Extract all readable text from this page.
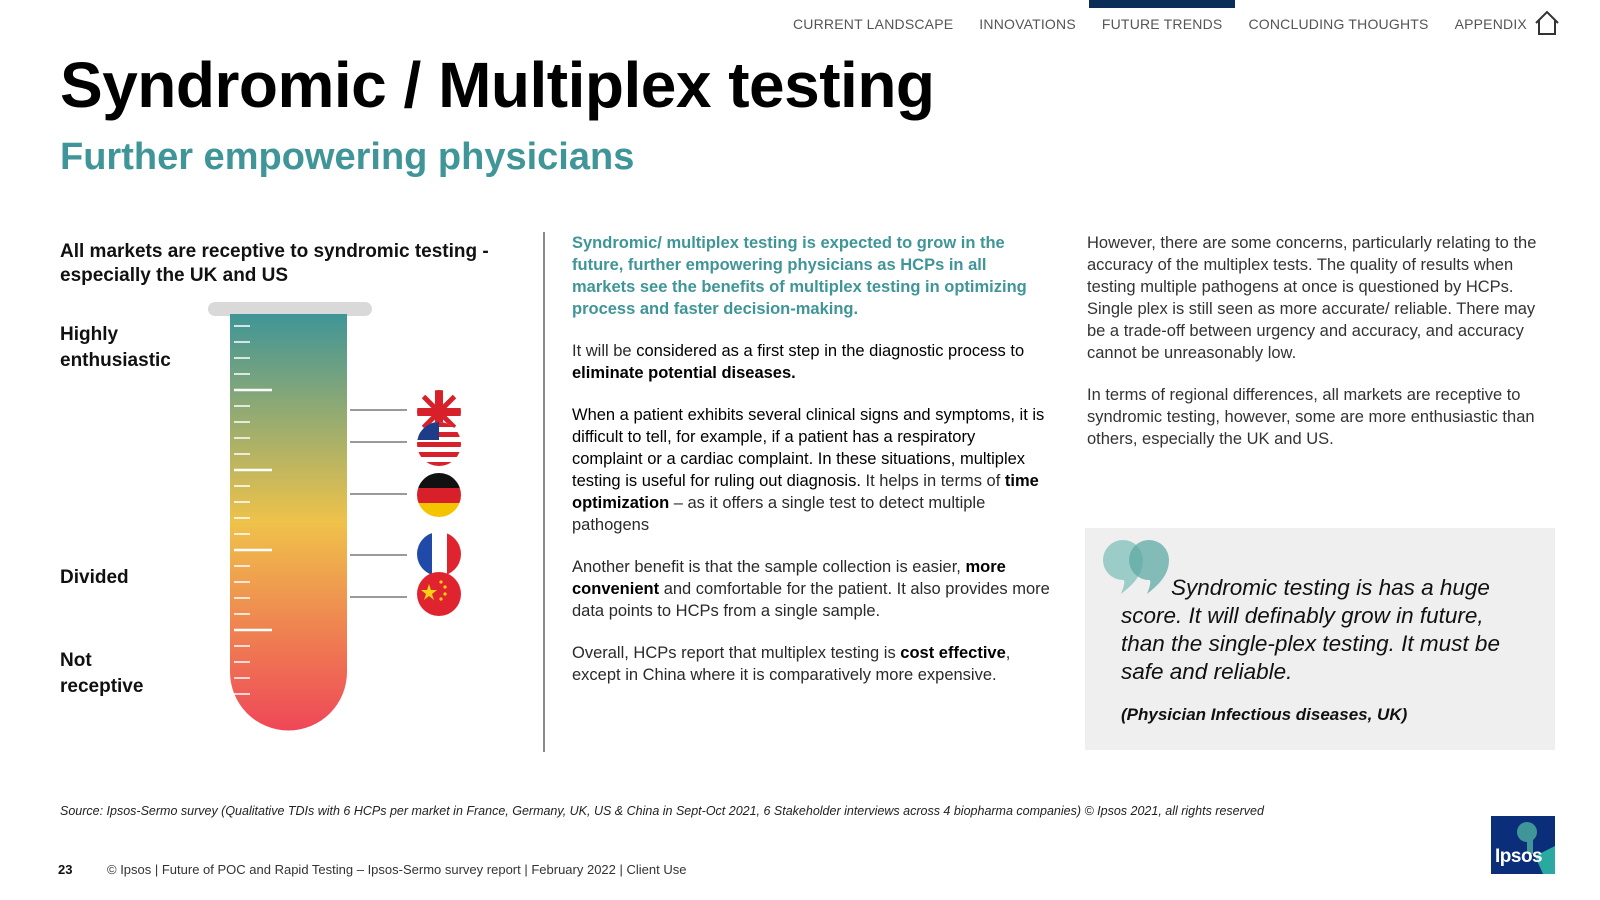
CURRENT LANDSCAPE	INNOVATIONS	FUTURE TRENDS	CONCLUDING THOUGHTS	APPENDIX
Syndromic / Multiplex testing
Further empowering physicians
All markets are receptive to syndromic testing - especially the UK and US
Highly
enthusiastic
Divided
Not
receptive

Syndromic/ multiplex testing is expected to grow in the future, further empowering physicians as HCPs in all markets see the benefits of multiplex testing in optimizing process and faster decision-making.

It will be considered as a first step in the diagnostic process to eliminate potential diseases.

When a patient exhibits several clinical signs and symptoms, it is difficult to tell, for example, if a patient has a respiratory complaint or a cardiac complaint. In these situations, multiplex testing is useful for ruling out diagnosis. It helps in terms of time optimization – as it offers a single test to detect multiple pathogens

Another benefit is that the sample collection is easier, more convenient and comfortable for the patient. It also provides more data points to HCPs from a single sample.

Overall, HCPs report that multiplex testing is cost effective, except in China where it is comparatively more expensive.

However, there are some concerns, particularly relating to the accuracy of the multiplex tests. The quality of results when testing multiple pathogens at once is questioned by HCPs. Single plex is still seen as more accurate/ reliable. There may be a trade-off between urgency and accuracy, and accuracy cannot be unreasonably low.

In terms of regional differences, all markets are receptive to syndromic testing, however, some are more enthusiastic than others, especially the UK and US.

Syndromic testing is has a huge score. It will definably grow in future, than the single-plex testing. It must be safe and reliable.
(Physician Infectious diseases, UK)
Source: Ipsos-Sermo survey (Qualitative TDIs with 6 HCPs per market in France, Germany, UK, US & China in Sept-Oct 2021, 6 Stakeholder interviews across 4 biopharma companies) © Ipsos 2021, all rights reserved
23	© Ipsos | Future of POC and Rapid Testing – Ipsos-Sermo survey report | February 2022 | Client Use
Ipsos
